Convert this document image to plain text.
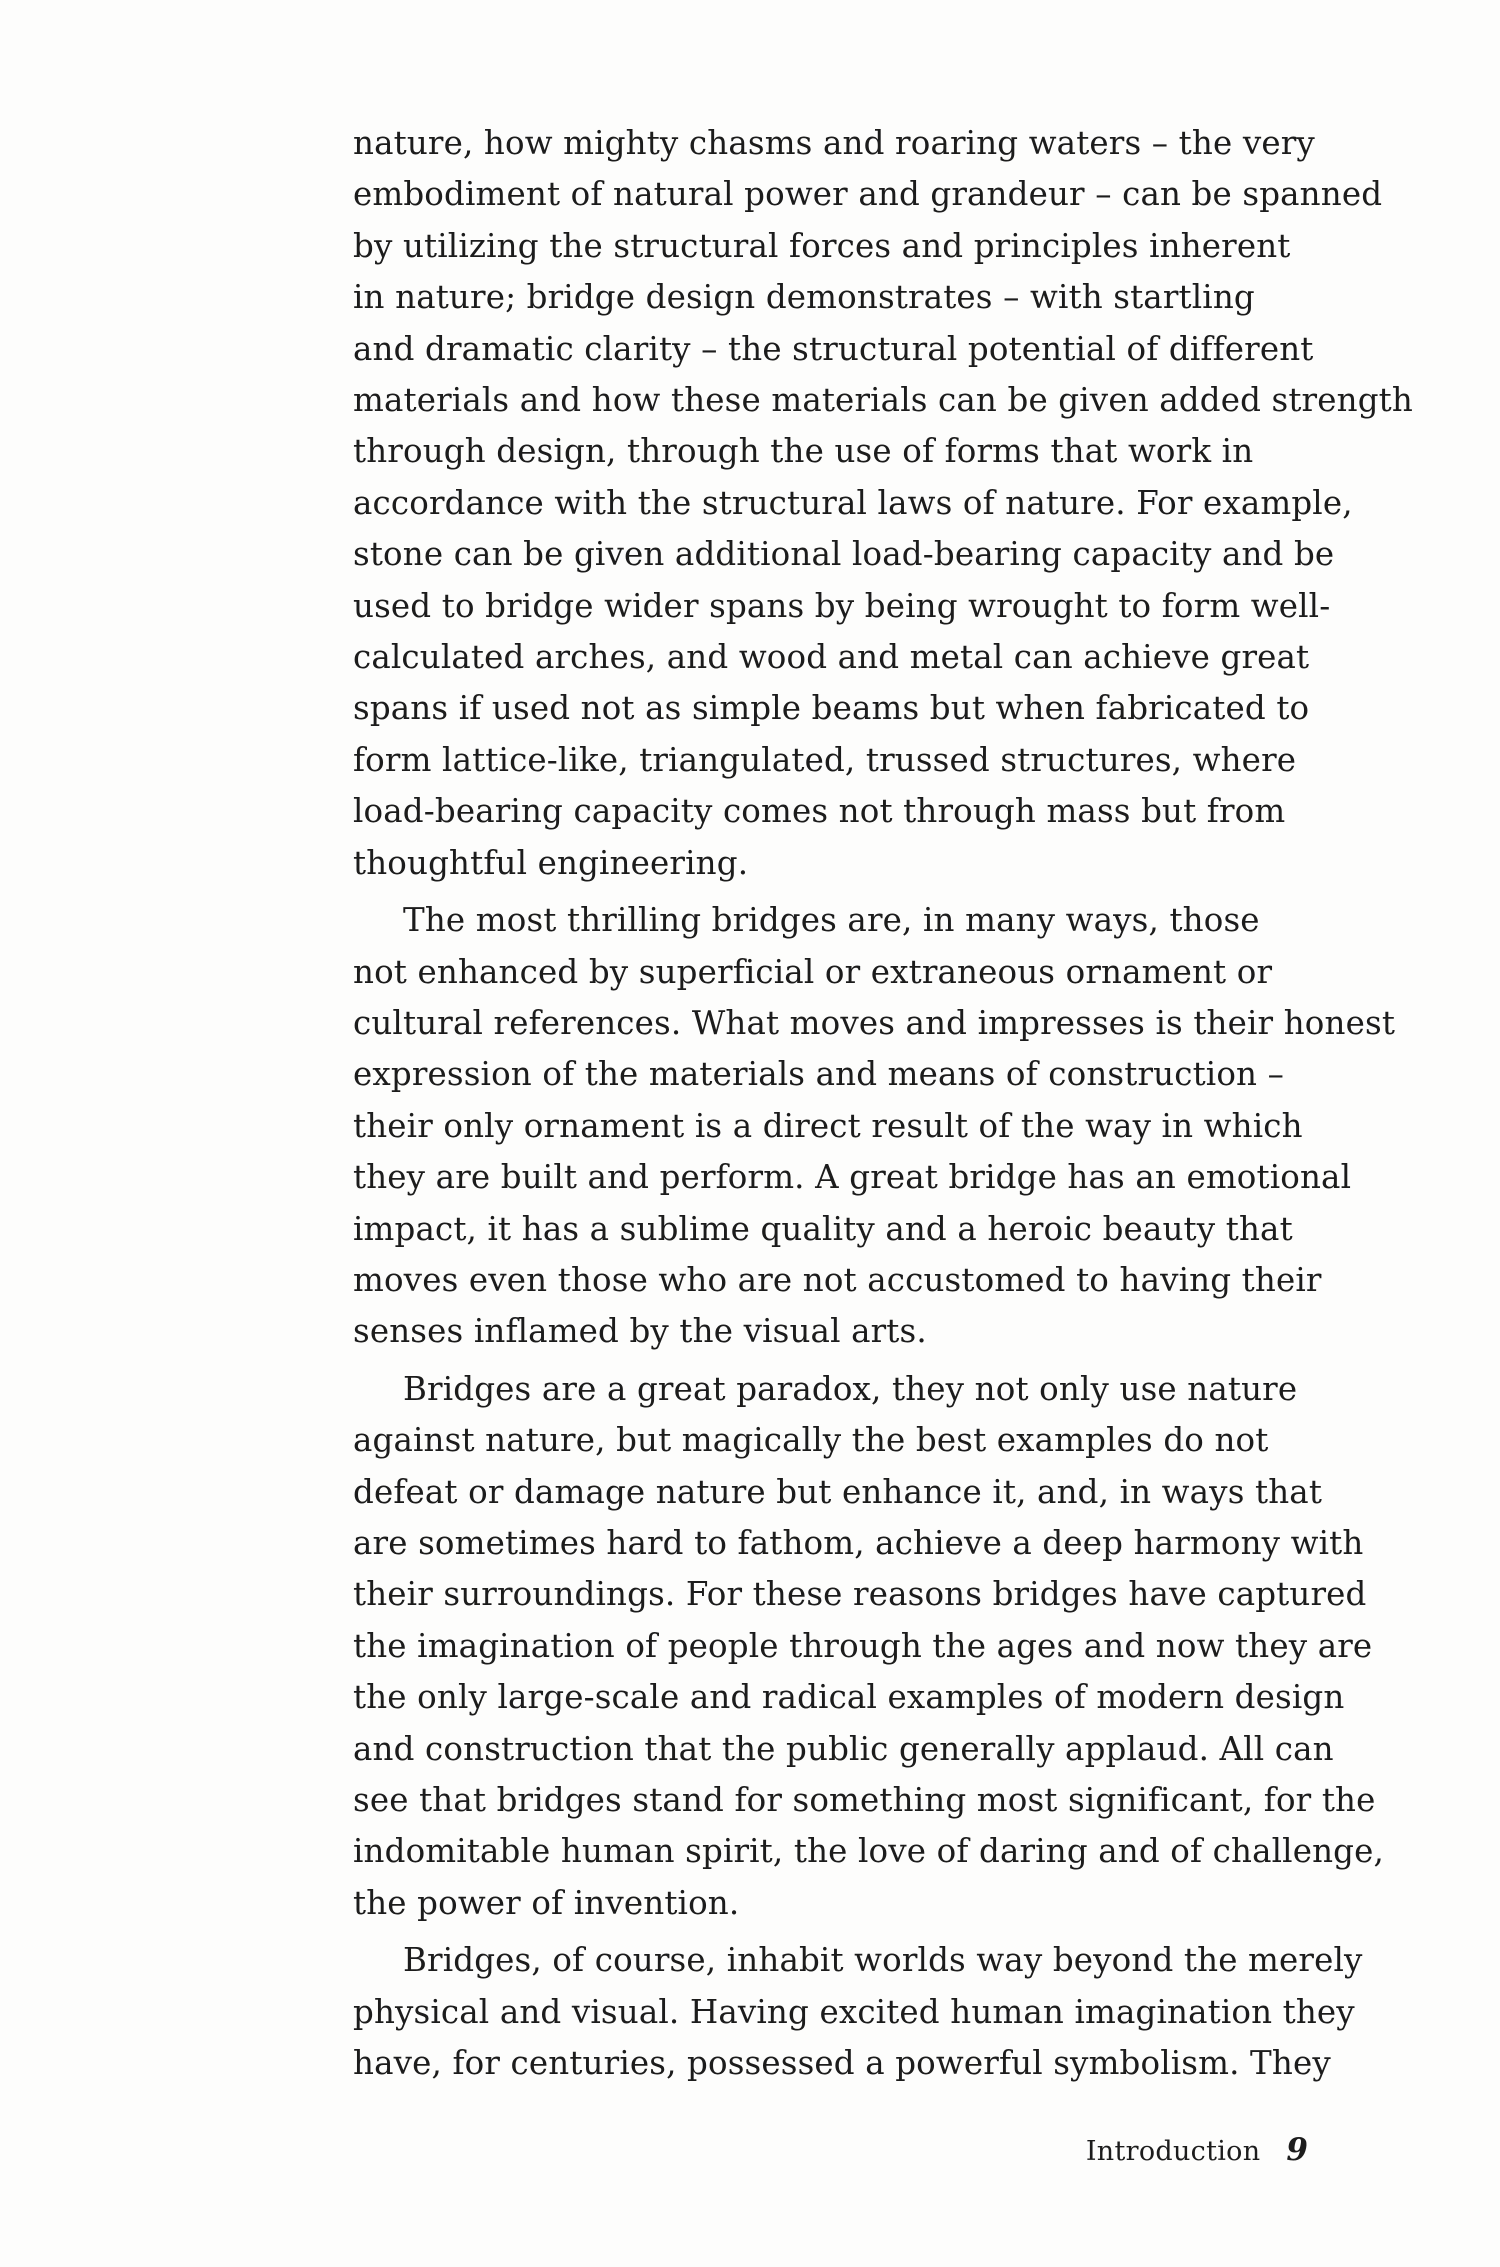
nature, how mighty chasms and roaring waters – the very
embodiment of natural power and grandeur – can be spanned
by utilizing the structural forces and principles inherent
in nature; bridge design demonstrates – with startling
and dramatic clarity – the structural potential of different
materials and how these materials can be given added strength
through design, through the use of forms that work in
accordance with the structural laws of nature. For example,
stone can be given additional load-bearing capacity and be
used to bridge wider spans by being wrought to form well-
calculated arches, and wood and metal can achieve great
spans if used not as simple beams but when fabricated to
form lattice-like, triangulated, trussed structures, where
load-bearing capacity comes not through mass but from
thoughtful engineering.

The most thrilling bridges are, in many ways, those
not enhanced by superficial or extraneous ornament or
cultural references. What moves and impresses is their honest
expression of the materials and means of construction –
their only ornament is a direct result of the way in which
they are built and perform. A great bridge has an emotional
impact, it has a sublime quality and a heroic beauty that
moves even those who are not accustomed to having their
senses inflamed by the visual arts.

Bridges are a great paradox, they not only use nature
against nature, but magically the best examples do not
defeat or damage nature but enhance it, and, in ways that
are sometimes hard to fathom, achieve a deep harmony with
their surroundings. For these reasons bridges have captured
the imagination of people through the ages and now they are
the only large-scale and radical examples of modern design
and construction that the public generally applaud. All can
see that bridges stand for something most significant, for the
indomitable human spirit, the love of daring and of challenge,
the power of invention.

Bridges, of course, inhabit worlds way beyond the merely
physical and visual. Having excited human imagination they
have, for centuries, possessed a powerful symbolism. They

Introduction 9
